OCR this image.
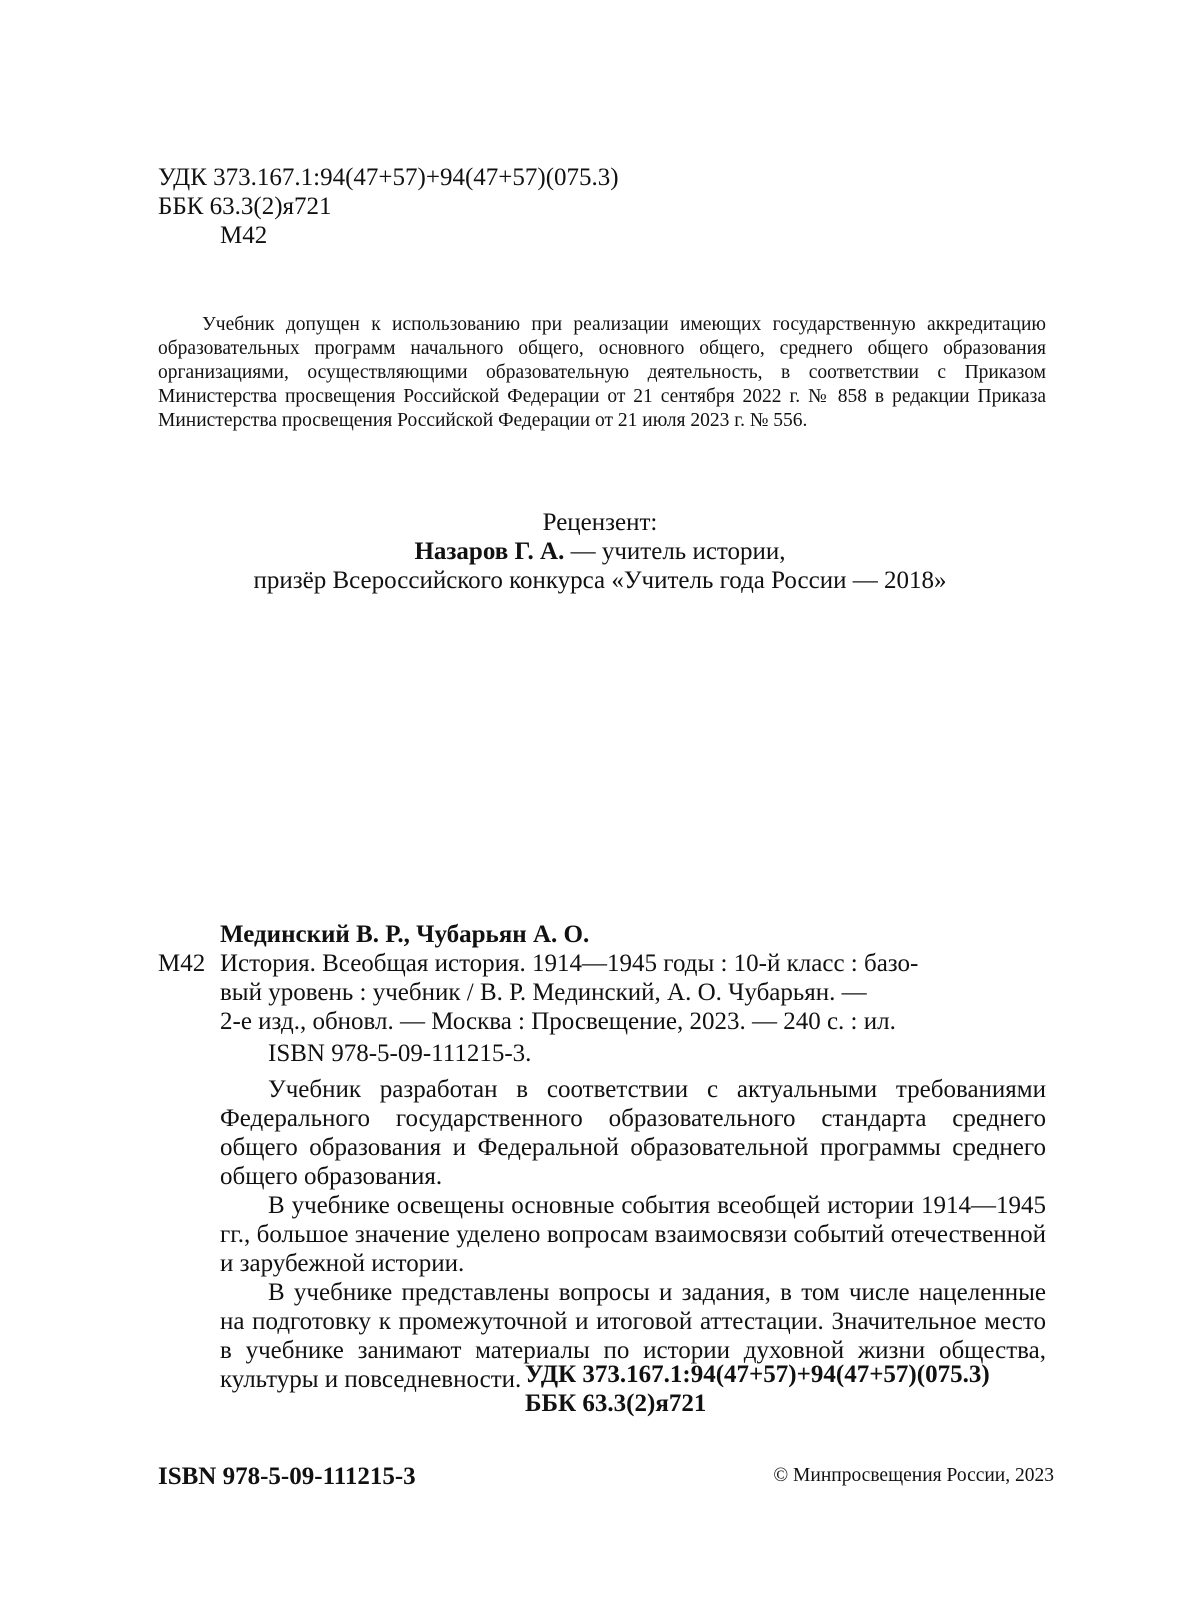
УДК 373.167.1:94(47+57)+94(47+57)(075.3)
ББК 63.3(2)я721
М42

Учебник допущен к использованию при реализации имеющих государственную аккредитацию образовательных программ начального общего, основного общего, среднего общего образования организациями, осуществляющими образовательную деятельность, в соответствии с Приказом Министерства просвещения Российской Федерации от 21 сентября 2022 г. № 858 в редакции Приказа Министерства просвещения Российской Федерации от 21 июля 2023 г. № 556.

Рецензент:
Назаров Г. А. — учитель истории,
призёр Всероссийского конкурса «Учитель года России — 2018»
Мединский В. Р., Чубарьян А. О.
М42 История. Всеобщая история. 1914—1945 годы : 10-й класс : базо-
вый уровень : учебник / В. Р. Мединский, А. О. Чубарьян. —
2-е изд., обновл. — Москва : Просвещение, 2023. — 240 с. : ил.
ISBN 978-5-09-111215-3.

Учебник разработан в соответствии с актуальными требованиями Федерального государственного образовательного стандарта среднего общего образования и Федеральной образовательной программы среднего общего образования.

В учебнике освещены основные события всеобщей истории 1914—1945 гг., большое значение уделено вопросам взаимосвязи событий отечественной и зарубежной истории.

В учебнике представлены вопросы и задания, в том числе нацеленные на подготовку к промежуточной и итоговой аттестации. Значительное место в учебнике занимают материалы по истории духовной жизни общества, культуры и повседневности. УДК 373.167.1:94(47+57)+94(47+57)(075.3)
ББК 63.3(2)я721
ISBN 978-5-09-111215-3	© Минпросвещения России, 2023
